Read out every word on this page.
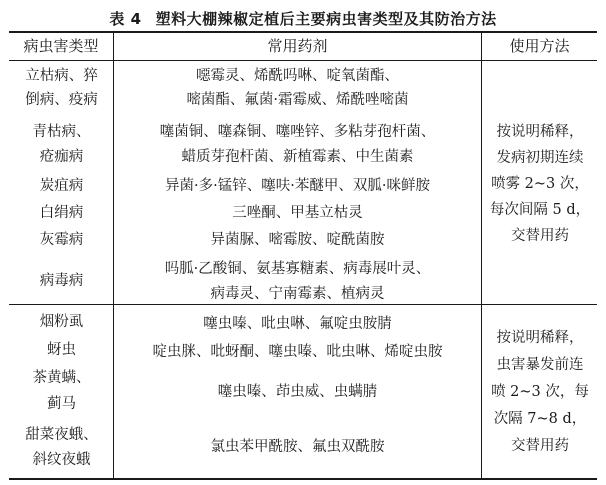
表 4 塑料大棚辣椒定植后主要病虫害类型及其防治方法
病虫害类型	常用药剂	使用方法
立枯病、猝
倒病、疫病
青枯病、
疮痂病
炭疽病
白绢病
灰霉病
病毒病
噁霉灵、烯酰吗啉、啶氧菌酯、
嘧菌酯、氟菌·霜霉威、烯酰唑嘧菌
噻菌铜、噻森铜、噻唑锌、多粘芽孢杆菌、
蜡质芽孢杆菌、新植霉素、中生菌素
异菌·多·锰锌、噻呋·苯醚甲、双胍·咪鲜胺
三唑酮、甲基立枯灵
异菌脲、嘧霉胺、啶酰菌胺
吗胍·乙酸铜、氨基寡糖素、病毒展叶灵、
病毒灵、宁南霉素、植病灵
按说明稀释，
发病初期连续
喷雾 2~3 次，
每次间隔 5 d，
交替用药
烟粉虱
蚜虫
茶黄螨、
蓟马
甜菜夜蛾、
斜纹夜蛾
噻虫嗪、吡虫啉、氟啶虫胺腈
啶虫脒、吡蚜酮、噻虫嗪、吡虫啉、烯啶虫胺
噻虫嗪、茚虫威、虫螨腈
氯虫苯甲酰胺、氟虫双酰胺
按说明稀释，
虫害暴发前连
喷 2~3 次，每
次隔 7~8 d，
交替用药
